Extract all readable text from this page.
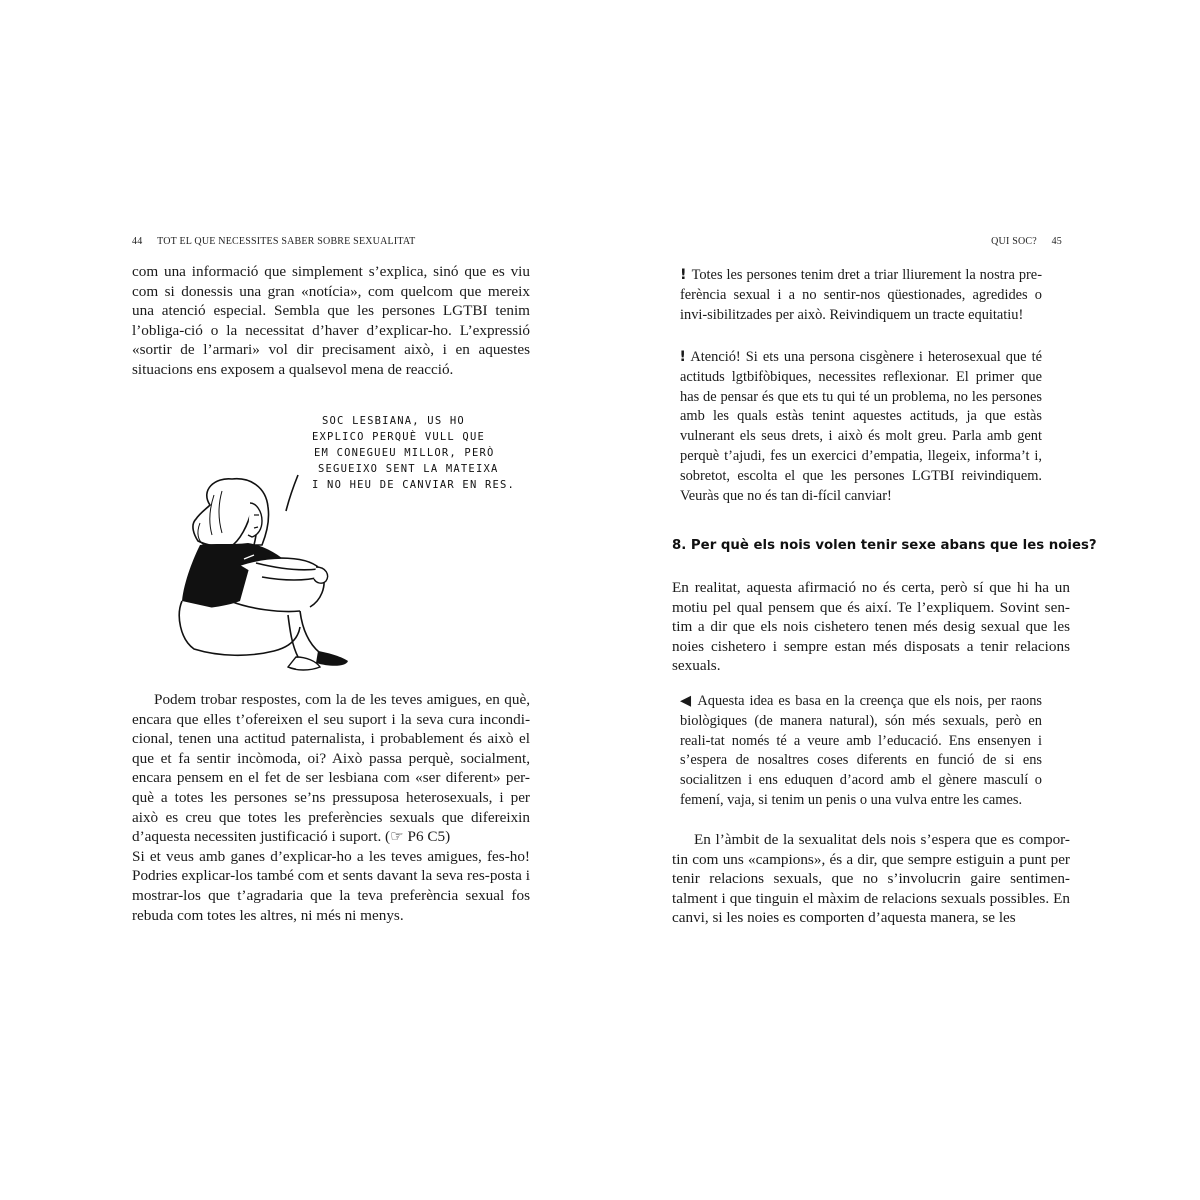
44 TOT EL QUE NECESSITES SABER SOBRE SEXUALITAT

com una informació que simplement s’explica, sinó que es viu com si donessis una gran «notícia», com quelcom que mereix una atenció especial. Sembla que les persones LGTBI tenim l’obliga-ció o la necessitat d’haver d’explicar-ho. L’expressió «sortir de l’armari» vol dir precisament això, i en aquestes situacions ens exposem a qualsevol mena de reacció.

SOC LESBIANA, US HO
EXPLICO PERQUÈ VULL QUE
EM CONEGUEU MILLOR, PERÒ
SEGUEIXO SENT LA MATEIXA
I NO HEU DE CANVIAR EN RES.

Podem trobar respostes, com la de les teves amigues, en què, encara que elles t’ofereixen el seu suport i la seva cura incondi-cional, tenen una actitud paternalista, i probablement és això el que et fa sentir incòmoda, oi? Això passa perquè, socialment, encara pensem en el fet de ser lesbiana com «ser diferent» per-què a totes les persones se’ns pressuposa heterosexuals, i per això es creu que totes les preferències sexuals que difereixin d’aquesta necessiten justificació i suport. (☞ P6 C5)

Si et veus amb ganes d’explicar-ho a les teves amigues, fes-ho! Podries explicar-los també com et sents davant la seva res-posta i mostrar-los que t’agradaria que la teva preferència sexual fos rebuda com totes les altres, ni més ni menys.

QUI SOC? 45
! Totes les persones tenim dret a triar lliurement la nostra pre-ferència sexual i a no sentir-nos qüestionades, agredides o invi-sibilitzades per això. Reivindiquem un tracte equitatiu!
ǃ Atenció! Si ets una persona cisgènere i heterosexual que té actituds lgtbifòbiques, necessites reflexionar. El primer que has de pensar és que ets tu qui té un problema, no les persones amb les quals estàs tenint aquestes actituds, ja que estàs vulnerant els seus drets, i això és molt greu. Parla amb gent perquè t’ajudi, fes un exercici d’empatia, llegeix, informa’t i, sobretot, escolta el que les persones LGTBI reivindiquem. Veuràs que no és tan di-fícil canviar!
8. Per què els nois volen tenir sexe abans que les noies?

En realitat, aquesta afirmació no és certa, però sí que hi ha un motiu pel qual pensem que és així. Te l’expliquem. Sovint sen-tim a dir que els nois cishetero tenen més desig sexual que les noies cishetero i sempre estan més disposats a tenir relacions sexuals.

◀ Aquesta idea es basa en la creença que els nois, per raons biològiques (de manera natural), són més sexuals, però en reali-tat només té a veure amb l’educació. Ens ensenyen i s’espera de nosaltres coses diferents en funció de si ens socialitzen i ens eduquen d’acord amb el gènere masculí o femení, vaja, si tenim un penis o una vulva entre les cames.

En l’àmbit de la sexualitat dels nois s’espera que es compor-tin com uns «campions», és a dir, que sempre estiguin a punt per tenir relacions sexuals, que no s’involucrin gaire sentimen-talment i que tinguin el màxim de relacions sexuals possibles. En canvi, si les noies es comporten d’aquesta manera, se les
